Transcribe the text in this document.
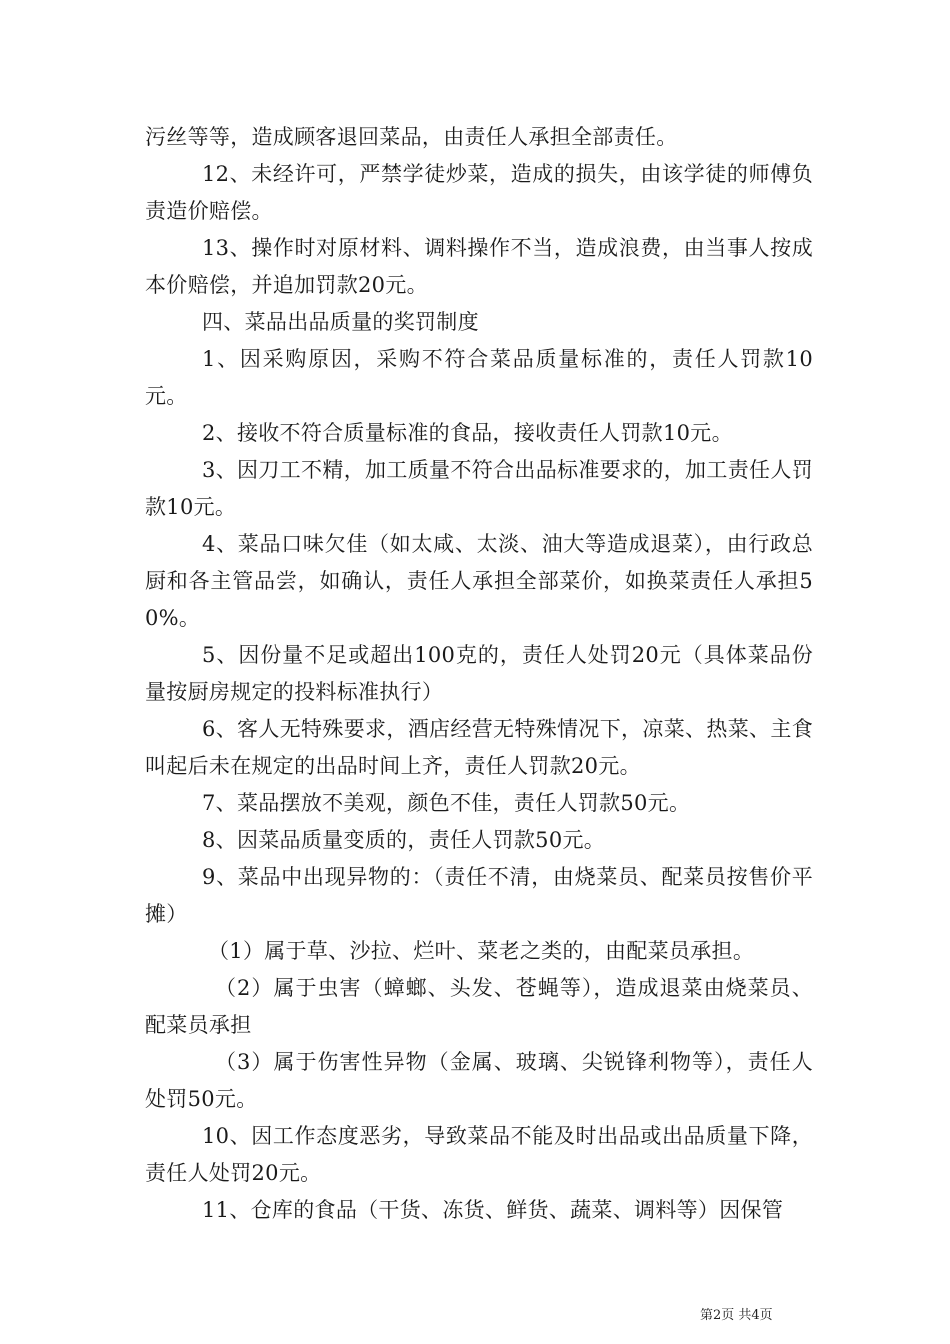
污丝等等，造成顾客退回菜品，由责任人承担全部责任。

12、未经许可，严禁学徒炒菜，造成的损失，由该学徒的师傅负责造价赔偿。

13、操作时对原材料、调料操作不当，造成浪费，由当事人按成本价赔偿，并追加罚款20元。

四、菜品出品质量的奖罚制度

1、因采购原因，采购不符合菜品质量标准的，责任人罚款10元。

2、接收不符合质量标准的食品，接收责任人罚款10元。

3、因刀工不精，加工质量不符合出品标准要求的，加工责任人罚款10元。

4、菜品口味欠佳（如太咸、太淡、油大等造成退菜），由行政总厨和各主管品尝，如确认，责任人承担全部菜价，如换菜责任人承担50%。

5、因份量不足或超出100克的，责任人处罚20元（具体菜品份量按厨房规定的投料标准执行）

6、客人无特殊要求，酒店经营无特殊情况下，凉菜、热菜、主食叫起后未在规定的出品时间上齐，责任人罚款20元。

7、菜品摆放不美观，颜色不佳，责任人罚款50元。

8、因菜品质量变质的，责任人罚款50元。

9、菜品中出现异物的：（责任不清，由烧菜员、配菜员按售价平摊）

（1）属于草、沙拉、烂叶、菜老之类的，由配菜员承担。

（2）属于虫害（蟑螂、头发、苍蝇等），造成退菜由烧菜员、配菜员承担

（3）属于伤害性异物（金属、玻璃、尖锐锋利物等），责任人处罚50元。

10、因工作态度恶劣，导致菜品不能及时出品或出品质量下降，责任人处罚20元。

11、仓库的食品（干货、冻货、鲜货、蔬菜、调料等）因保管

第2页 共4页
